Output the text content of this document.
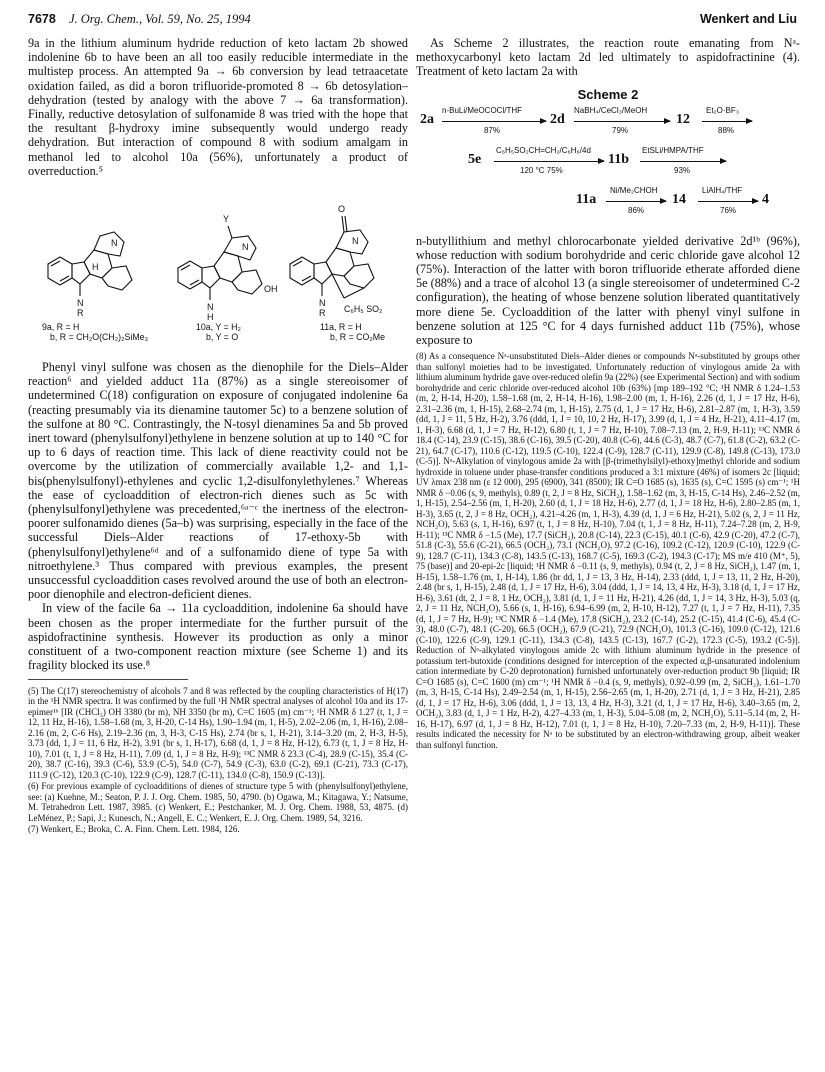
7678 J. Org. Chem., Vol. 59, No. 25, 1994	Wenkert and Liu

9a in the lithium aluminum hydride reduction of keto lactam 2b showed indolenine 6b to have been an all too easily reducible intermediate in the multistep process. An attempted 9a → 6b conversion by lead tetraacetate oxidation failed, as did a boron trifluoride-promoted 8 → 6b detosylation–dehydration (tested by analogy with the above 7 → 6a transformation). Finally, reductive detosylation of sulfonamide 8 was tried with the hope that the resultant β-hydroxy imine subsequently would undergo ready dehydration. But interaction of compound 8 with sodium amalgam in methanol led to alcohol 10a (56%), unfortunately a product of overreduction.⁵

N
R
N
H
N
H
Y
N
OH
O
N
N
R
9a, R = H
b, R = CH₂O(CH₂)₂SiMe₃
10a, Y = H₂
b, Y = O
C₆H₅ SO₂
11a, R = H
b, R = CO₂Me

Phenyl vinyl sulfone was chosen as the dienophile for the Diels–Alder reaction⁶ and yielded adduct 11a (87%) as a single stereoisomer of undetermined C(18) configuration on exposure of conjugated indolenine 6a (reacting presumably via its dienamine tautomer 5c) to a benzene solution of the sulfone at 80 °C. Contrastingly, the N-tosyl dienamines 5a and 5b proved inert toward (phenylsulfonyl)ethylene in benzene solution at up to 140 °C for up to 6 days of reaction time. This lack of diene reactivity could not be overcome by the utilization of commercially available 1,2- and 1,1-bis(phenylsulfonyl)-ethylenes and cyclic 1,2-disulfonylethylenes.⁷ Whereas the ease of cycloaddition of electron-rich dienes such as 5c with (phenylsulfonyl)ethylene was precedented,⁶ᵃ⁻ᶜ the inertness of the electron-poorer sulfonamido dienes (5a–b) was surprising, especially in the face of the successful Diels–Alder reactions of 17-ethoxy-5b with (phenylsulfonyl)ethylene⁶ᵈ and of a sulfonamido diene of type 5a with nitroethylene.³ Thus compared with previous examples, the present unsuccessful cycloaddition cases revolved around the use of both an electron-poor dienophile and electron-deficient dienes.

In view of the facile 6a → 11a cycloaddition, indolenine 6a should have been chosen as the proper intermediate for the further pursuit of the aspidofractinine synthesis. However its production as only a minor constituent of a two-component reaction mixture (see Scheme 1) and its fragility blocked its use.⁸

(5) The C(17) stereochemistry of alcohols 7 and 8 was reflected by the coupling characteristics of H(17) in the ¹H NMR spectra. It was confirmed by the full ¹H NMR spectral analyses of alcohol 10a and its 17-epimer¹ᵇ [IR (CHCl₃) OH 3380 (br m), NH 3350 (br m), C=C 1605 (m) cm⁻¹; ¹H NMR δ 1.27 (t, 1, J = 12, 11 Hz, H-16), 1.58–1.68 (m, 3, H-20, C-14 Hs), 1.90–1.94 (m, 1, H-5), 2.02–2.06 (m, 1, H-16), 2.08–2.16 (m, 2, C-6 Hs), 2.19–2.36 (m, 3, H-3, C-15 Hs), 2.74 (br s, 1, H-21), 3.14–3.20 (m, 2, H-3, H-5), 3.73 (dd, 1, J = 11, 6 Hz, H-2), 3.91 (br s, 1, H-17), 6.68 (d, 1, J = 8 Hz, H-12), 6.73 (t, 1, J = 8 Hz, H-10), 7.01 (t, 1, J = 8 Hz, H-11), 7.09 (d, 1, J = 8 Hz, H-9); ¹³C NMR δ 23.3 (C-4), 28.9 (C-15), 35.4 (C-20), 38.7 (C-16), 39.3 (C-6), 53.9 (C-5), 54.0 (C-7), 54.9 (C-3), 63.0 (C-2), 69.1 (C-21), 73.3 (C-17), 111.9 (C-12), 120.3 (C-10), 122.9 (C-9), 128.7 (C-11), 134.0 (C-8), 150.9 (C-13)].

(6) For previous example of cycloadditions of dienes of structure type 5 with (phenylsulfonyl)ethylene, see: (a) Kuehne, M.; Seaton, P. J. J. Org. Chem. 1985, 50, 4790. (b) Ogawa, M.; Kitagawa, Y.; Natsume, M. Tetrahedron Lett. 1987, 3985. (c) Wenkert, E.; Pestchanker, M. J. Org. Chem. 1988, 53, 4875. (d) LeMénez, P.; Sapi, J.; Kunesch, N.; Angell, E. C.; Wenkert, E. J. Org. Chem. 1989, 54, 3216.

(7) Wenkert, E.; Broka, C. A. Finn. Chem. Lett. 1984, 126.

As Scheme 2 illustrates, the reaction route emanating from Nᵃ-methoxycarbonyl keto lactam 2d led ultimately to aspidofractinine (4). Treatment of keto lactam 2a with

Scheme 2
2a
n-BuLi/MeOCOCl/THF
87%
2d
NaBH₄/CeCl₃/MeOH
79%
12
Et₂O·BF₃
88%
5e
C₆H₅SO₂CH=CH₂/C₆H₆/4d
120 °C 75%
11b
EtSLi/HMPA/THF
93%
11a
Ni/Me₂CHOH
86%
14
LiAlH₄/THF
76%
4

n-butyllithium and methyl chlorocarbonate yielded derivative 2d¹ᵇ (96%), whose reduction with sodium borohydride and ceric chloride gave alcohol 12 (75%). Interaction of the latter with boron trifluoride etherate afforded diene 5e (88%) and a trace of alcohol 13 (a single stereoisomer of undetermined C-2 configuration), the heating of whose benzene solution liberated quantitatively more diene 5e. Cycloaddition of the latter with phenyl vinyl sulfone in benzene solution at 125 °C for 4 days furnished adduct 11b (75%), whose exposure to

(8) As a consequence Nᵃ-unsubstituted Diels–Alder dienes or compounds Nᵃ-substituted by groups other than sulfonyl moieties had to be investigated. Unfortunately reduction of vinylogous amide 2a with lithium aluminum hydride gave over-reduced olefin 9a (22%) (see Experimental Section) and with sodium borohydride and ceric chloride over-reduced alcohol 10b (63%) [mp 189–192 °C; ¹H NMR δ 1.24–1.53 (m, 2, H-14, H-20), 1.58–1.68 (m, 2, H-14, H-16), 1.98–2.00 (m, 1, H-16), 2.26 (d, 1, J = 17 Hz, H-6), 2.31–2.36 (m, 1, H-15), 2.68–2.74 (m, 1, H-15), 2.75 (d, 1, J = 17 Hz, H-6), 2.81–2.87 (m, 1, H-3), 3.59 (dd, 1, J = 11, 5 Hz, H-2), 3.76 (ddd, 1, J = 10, 10, 2 Hz, H-17), 3.99 (d, 1, J = 4 Hz, H-21), 4.11–4.17 (m, 1, H-3), 6.68 (d, 1, J = 7 Hz, H-12), 6.80 (t, 1, J = 7 Hz, H-10), 7.08–7.13 (m, 2, H-9, H-11); ¹³C NMR δ 18.4 (C-14), 23.9 (C-15), 38.6 (C-16), 39.5 (C-20), 40.8 (C-6), 44.6 (C-3), 48.7 (C-7), 61.8 (C-2), 63.2 (C-21), 64.7 (C-17), 110.6 (C-12), 119.5 (C-10), 122.4 (C-9), 128.7 (C-11), 129.9 (C-8), 149.8 (C-13), 173.0 (C-5)]. Nᵃ-Alkylation of vinylogous amide 2a with [β-(trimethylsilyl)-ethoxy]methyl chloride and sodium hydroxide in toluene under phase-transfer conditions produced a 3:1 mixture (46%) of isomers 2c [liquid; UV λmax 238 nm (ε 12 000), 295 (6900), 341 (8500); IR C=O 1685 (s), 1635 (s), C=C 1595 (s) cm⁻¹; ¹H NMR δ −0.06 (s, 9, methyls), 0.89 (t, 2, J = 8 Hz, SiCH₂), 1.58–1.62 (m, 3, H-15, C-14 Hs), 2.46–2.52 (m, 1, H-15), 2.54–2.56 (m, 1, H-20), 2.60 (d, 1, J = 18 Hz, H-6), 2.77 (d, 1, J = 18 Hz, H-6), 2.80–2.85 (m, 1, H-3), 3.65 (t, 2, J = 8 Hz, OCH₂), 4.21–4.26 (m, 1, H-3), 4.39 (d, 1, J = 6 Hz, H-21), 5.02 (s, 2, J = 11 Hz, NCH₂O), 5.63 (s, 1, H-16), 6.97 (t, 1, J = 8 Hz, H-10), 7.04 (t, 1, J = 8 Hz, H-11), 7.24–7.28 (m, 2, H-9, H-11); ¹³C NMR δ −1.5 (Me), 17.7 (SiCH₂), 20.8 (C-14), 22.3 (C-15), 40.1 (C-6), 42.9 (C-20), 47.2 (C-7), 51.8 (C-3), 55.6 (C-21), 66.5 (OCH₂), 73.1 (NCH₂O), 97.2 (C-16), 109.2 (C-12), 120.9 (C-10), 122.9 (C-9), 128.7 (C-11), 134.3 (C-8), 143.5 (C-13), 168.7 (C-5), 169.3 (C-2), 194.3 (C-17); MS m/e 410 (M⁺, 5), 75 (base)] and 20-epi-2c [liquid; ¹H NMR δ −0.11 (s, 9, methyls), 0.94 (t, 2, J = 8 Hz, SiCH₂), 1.47 (m, 1, H-15), 1.58–1.76 (m, 1, H-14), 1.86 (br dd, 1, J = 13, 3 Hz, H-14), 2.33 (ddd, 1, J = 13, 11, 2 Hz, H-20), 2.48 (br s, 1, H-15), 2.48 (d, 1, J = 17 Hz, H-6), 3.04 (ddd, 1, J = 14, 13, 4 Hz, H-3), 3.18 (d, 1, J = 17 Hz, H-6), 3.61 (dt, 2, J = 8, 1 Hz, OCH₂), 3.81 (d, 1, J = 11 Hz, H-21), 4.26 (dd, 1, J = 14, 3 Hz, H-3), 5.03 (q, 2, J = 11 Hz, NCH₂O), 5.66 (s, 1, H-16), 6.94–6.99 (m, 2, H-10, H-12), 7.27 (t, 1, J = 7 Hz, H-11), 7.35 (d, 1, J = 7 Hz, H-9); ¹³C NMR δ −1.4 (Me), 17.8 (SiCH₂), 23.2 (C-14), 25.2 (C-15), 41.4 (C-6), 45.4 (C-3), 48.0 (C-7), 48.1 (C-20), 66.5 (OCH₂), 67.9 (C-21), 72.9 (NCH₂O), 101.3 (C-16), 109.0 (C-12), 121.6 (C-10), 122.6 (C-9), 129.1 (C-11), 134.3 (C-8), 143.5 (C-13), 167.7 (C-2), 172.3 (C-5), 193.2 (C-5)]. Reduction of Nᵃ-alkylated vinylogous amide 2c with lithium aluminum hydride in the presence of potassium tert-butoxide (conditions designed for interception of the expected α,β-unsaturated indolenium cation intermediate by C-20 deprotonation) furnished unfortunately over-reduction product 9b [liquid; IR C=O 1685 (s), C=C 1600 (m) cm⁻¹; ¹H NMR δ −0.4 (s, 9, methyls), 0.92–0.99 (m, 2, SiCH₂), 1.61–1.70 (m, 3, H-15, C-14 Hs), 2.49–2.54 (m, 1, H-15), 2.56–2.65 (m, 1, H-20), 2.71 (d, 1, J = 3 Hz, H-21), 2.85 (d, 1, J = 17 Hz, H-6), 3.06 (ddd, 1, J = 13, 13, 4 Hz, H-3), 3.21 (d, 1, J = 17 Hz, H-6), 3.40–3.65 (m, 2, OCH₂), 3.83 (d, 1, J = 1 Hz, H-2), 4.27–4.33 (m, 1, H-3), 5.04–5.08 (m, 2, NCH₂O), 5.11–5.14 (m, 2, H-16, H-17), 6.97 (d, 1, J = 8 Hz, H-12), 7.01 (t, 1, J = 8 Hz, H-10), 7.20–7.33 (m, 2, H-9, H-11)]. These results indicated the necessity for Nᵃ to be substituted by an electron-withdrawing group, albeit weaker than sulfonyl function.
